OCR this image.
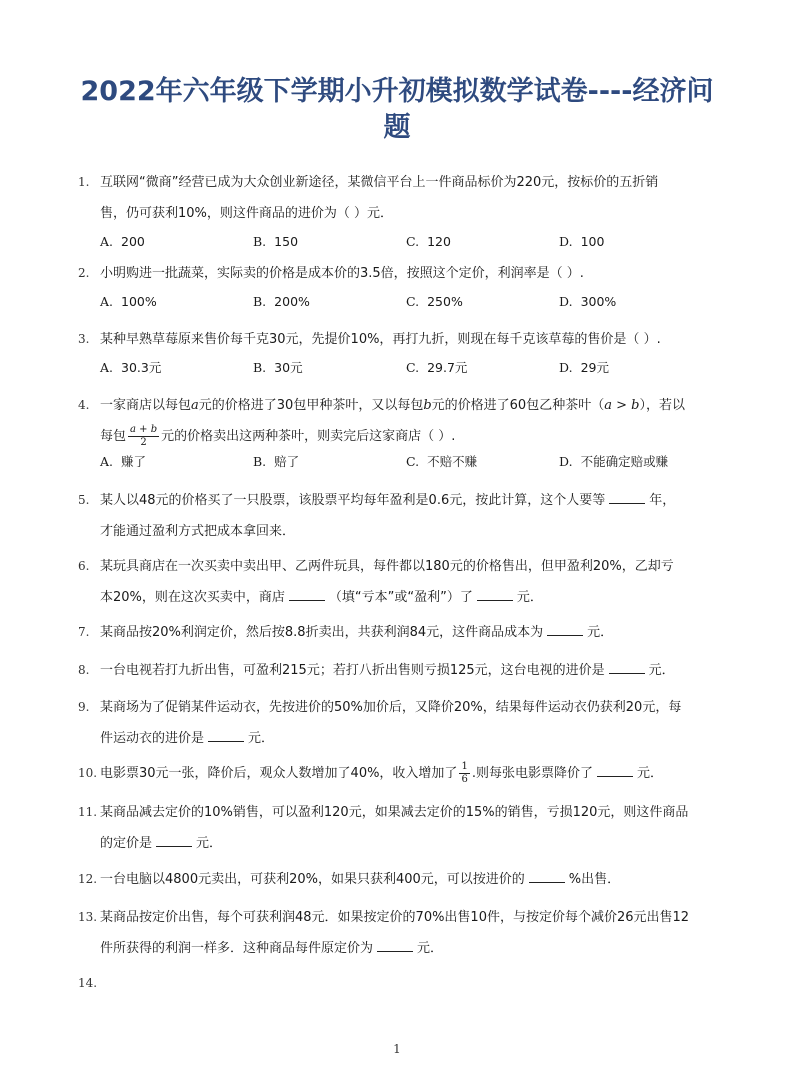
2022年六年级下学期小升初模拟数学试卷----经济问
题
1. 互联网“微商”经营已成为大众创业新途径，某微信平台上一件商品标价为220元，按标价的五折销
售，仍可获利10%，则这件商品的进价为（ ）元．
A. 200	B. 150	C. 120	D. 100
2. 小明购进一批蔬菜，实际卖的价格是成本价的3.5倍，按照这个定价，利润率是（ ）.
A. 100%	B. 200%	C. 250%	D. 300%
3. 某种早熟草莓原来售价每千克30元，先提价10%，再打九折，则现在每千克该草莓的售价是（ ）.
A. 30.3元	B. 30元	C. 29.7元	D. 29元
4. 一家商店以每包a元的价格进了30包甲种茶叶，又以每包b元的价格进了60包乙种茶叶（a > b），若以
每包 $\frac{a + b}{2}$ 元的价格卖出这两种茶叶，则卖完后这家商店（ ）.
A. 赚了	B. 赔了	C. 不赔不赚	D. 不能确定赔或赚
5. 某人以48元的价格买了一只股票，该股票平均每年盈利是0.6元，按此计算，这个人要等	年，
才能通过盈利方式把成本拿回来．
6. 某玩具商店在一次买卖中卖出甲、乙两件玩具，每件都以180元的价格售出，但甲盈利20%，乙却亏
本20%，则在这次买卖中，商店	（填“亏本”或“盈利”）了	元．
7. 某商品按20%利润定价，然后按8.8折卖出，共获利润84元，这件商品成本为	元．
8. 一台电视若打九折出售，可盈利215元；若打八折出售则亏损125元，这台电视的进价是	元．
9. 某商场为了促销某件运动衣，先按进价的50%加价后，又降价20%，结果每件运动衣仍获利20元，每
件运动衣的进价是	元．
10. 电影票30元一张，降价后，观众人数增加了40%，收入增加了 $\frac{1}{6}$ .则每张电影票降价了	元．
11. 某商品减去定价的10%销售，可以盈利120元，如果减去定价的15%的销售，亏损120元，则这件商品
的定价是	元．
12. 一台电脑以4800元卖出，可获利20%，如果只获利400元，可以按进价的	%出售．
13. 某商品按定价出售，每个可获利润48元．如果按定价的70%出售10件，与按定价每个减价26元出售12
件所获得的利润一样多．这种商品每件原定价为	元．
14.
1
